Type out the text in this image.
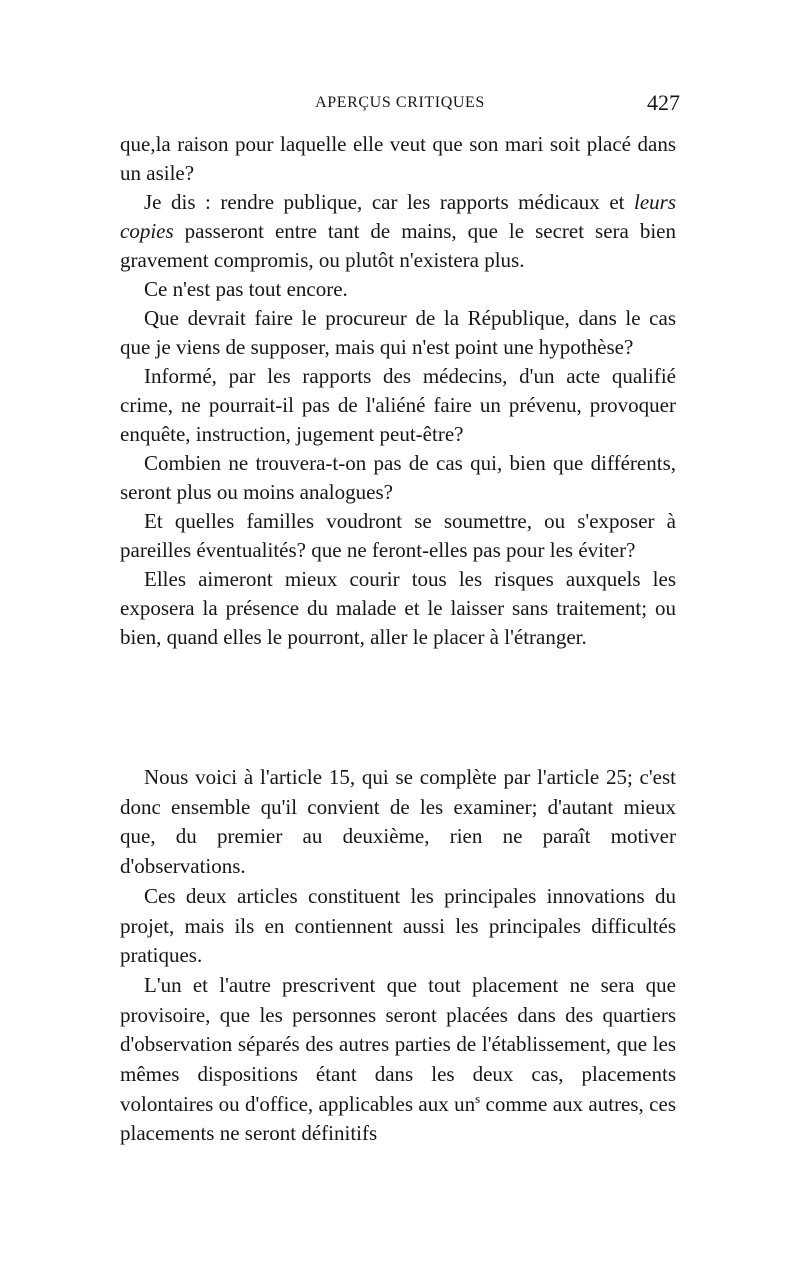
APERÇUS CRITIQUES	427

que,la raison pour laquelle elle veut que son mari soit placé dans un asile?

Je dis : rendre publique, car les rapports médicaux et leurs copies passeront entre tant de mains, que le secret sera bien gravement compromis, ou plutôt n'existera plus.

Ce n'est pas tout encore.

Que devrait faire le procureur de la République, dans le cas que je viens de supposer, mais qui n'est point une hypothèse?

Informé, par les rapports des médecins, d'un acte qualifié crime, ne pourrait-il pas de l'aliéné faire un prévenu, provoquer enquête, instruction, jugement peut-être?

Combien ne trouvera-t-on pas de cas qui, bien que différents, seront plus ou moins analogues?

Et quelles familles voudront se soumettre, ou s'exposer à pareilles éventualités? que ne feront-elles pas pour les éviter?

Elles aimeront mieux courir tous les risques auxquels les exposera la présence du malade et le laisser sans traitement; ou bien, quand elles le pourront, aller le placer à l'étranger.

Nous voici à l'article 15, qui se complète par l'article 25; c'est donc ensemble qu'il convient de les examiner; d'autant mieux que, du premier au deuxième, rien ne paraît motiver d'observations.

Ces deux articles constituent les principales innovations du projet, mais ils en contiennent aussi les principales difficultés pratiques.

L'un et l'autre prescrivent que tout placement ne sera que provisoire, que les personnes seront placées dans des quartiers d'observation séparés des autres parties de l'établissement, que les mêmes dispositions étant dans les deux cas, placements volontaires ou d'office, applicables aux $un^s$ comme aux autres, ces placements ne seront définitifs
